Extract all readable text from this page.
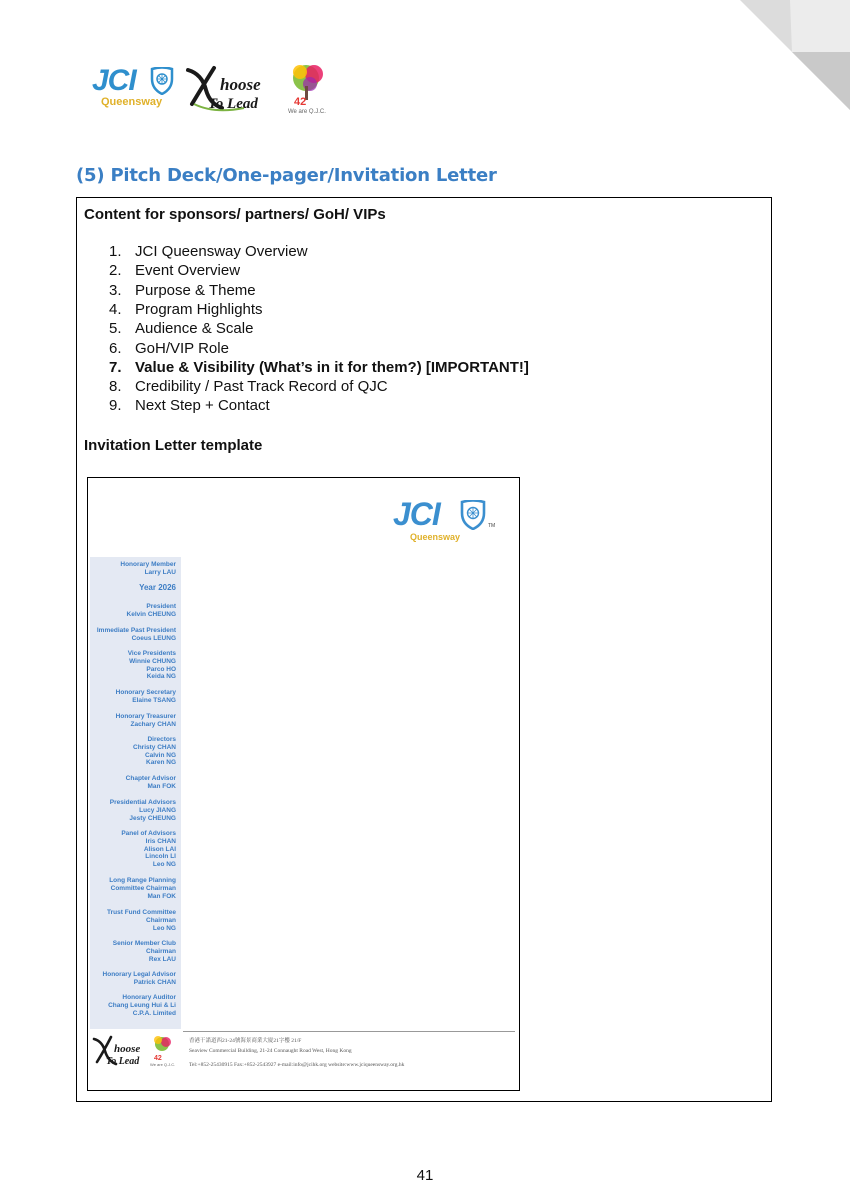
JCI
Queensway
hoose
To Lead	42
We are Q.J.C.
(5) Pitch Deck/One-pager/Invitation Letter
Content for sponsors/ partners/ GoH/ VIPs
1. JCI Queensway Overview
2. Event Overview
3. Purpose & Theme
4. Program Highlights
5. Audience & Scale
6. GoH/VIP Role
7. Value & Visibility (What’s in it for them?) [IMPORTANT!]
8. Credibility / Past Track Record of QJC
9. Next Step + Contact
Invitation Letter template
JCI	TM
Queensway
Honorary Member
Larry LAU
Year 2026
President
Kelvin CHEUNG
Immediate Past President
Coeus LEUNG
Vice Presidents
Winnie CHUNG
Parco HO
Keida NG
Honorary Secretary
Elaine TSANG
Honorary Treasurer
Zachary CHAN
Directors
Christy CHAN
Calvin NG
Karen NG
Chapter Advisor
Man FOK
Presidential Advisors
Lucy JIANG
Jesty CHEUNG
Panel of Advisors
Iris CHAN
Alison LAI
Lincoln LI
Leo NG
Long Range Planning
Committee Chairman
Man FOK
Trust Fund Committee
Chairman
Leo NG
Senior Member Club
Chairman
Rex LAU
Honorary Legal Advisor
Patrick CHAN
Honorary Auditor
Chang Leung Hui & Li
C.P.A. Limited
hoose
To Lead 42
We are Q.J.C.
香港干諾道西21-24號海景商業大廈21字樓 21/F
Seaview Commercial Building, 21-24 Connaught Road West, Hong Kong
Tel:+852-25430915 Fax:+852-2543927 e-mail:info@jcihk.org website:www.jciqueensway.org.hk
41
